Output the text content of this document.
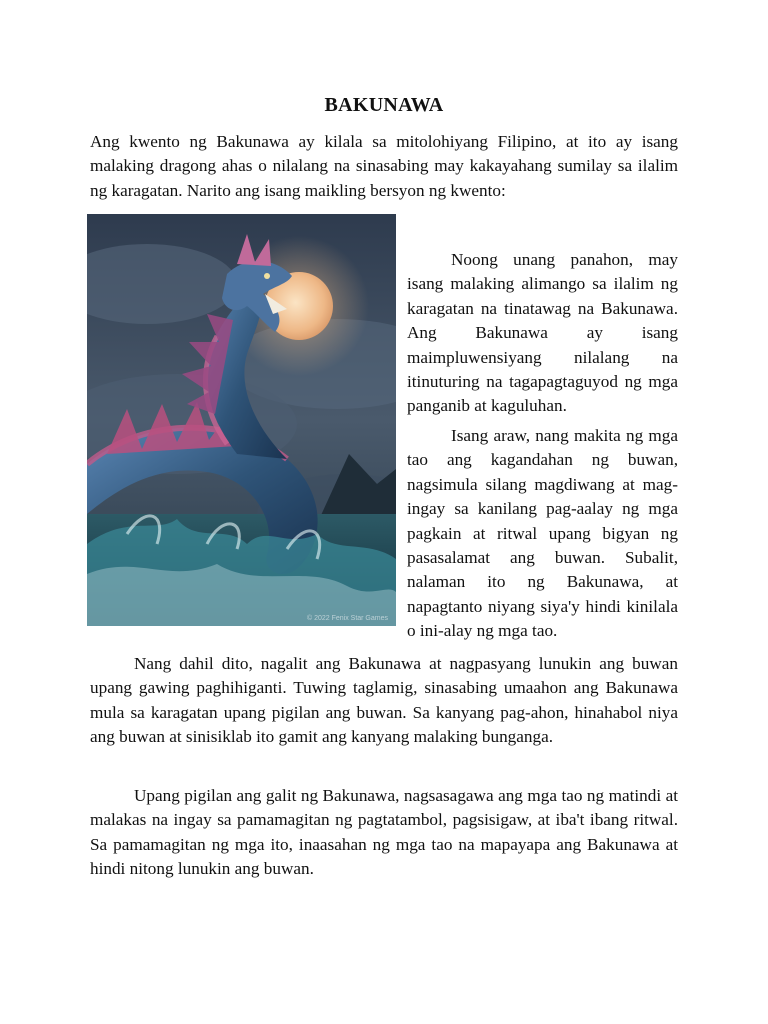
BAKUNAWA

Ang kwento ng Bakunawa ay kilala sa mitolohiyang Filipino, at ito ay isang malaking dragong ahas o nilalang na sinasabing may kakayahang sumilay sa ilalim ng karagatan. Narito ang isang maikling bersyon ng kwento:

© 2022 Fenix Star Games

Noong unang panahon, may isang malaking alimango sa ilalim ng karagatan na tinatawag na Bakunawa. Ang Bakunawa ay isang maimpluwensiyang nilalang na itinuturing na tagapagtaguyod ng mga panganib at kaguluhan.

Isang araw, nang makita ng mga tao ang kagandahan ng buwan, nagsimula silang magdiwang at mag-ingay sa kanilang pag-aalay ng mga pagkain at ritwal upang bigyan ng pasasalamat ang buwan. Subalit, nalaman ito ng Bakunawa, at napagtanto niyang siya'y hindi kinilala o ini-alay ng mga tao.

Nang dahil dito, nagalit ang Bakunawa at nagpasyang lunukin ang buwan upang gawing paghihiganti. Tuwing taglamig, sinasabing umaahon ang Bakunawa mula sa karagatan upang pigilan ang buwan. Sa kanyang pag-ahon, hinahabol niya ang buwan at sinisiklab ito gamit ang kanyang malaking bunganga.

Upang pigilan ang galit ng Bakunawa, nagsasagawa ang mga tao ng matindi at malakas na ingay sa pamamagitan ng pagtatambol, pagsisigaw, at iba't ibang ritwal. Sa pamamagitan ng mga ito, inaasahan ng mga tao na mapayapa ang Bakunawa at hindi nitong lunukin ang buwan.
